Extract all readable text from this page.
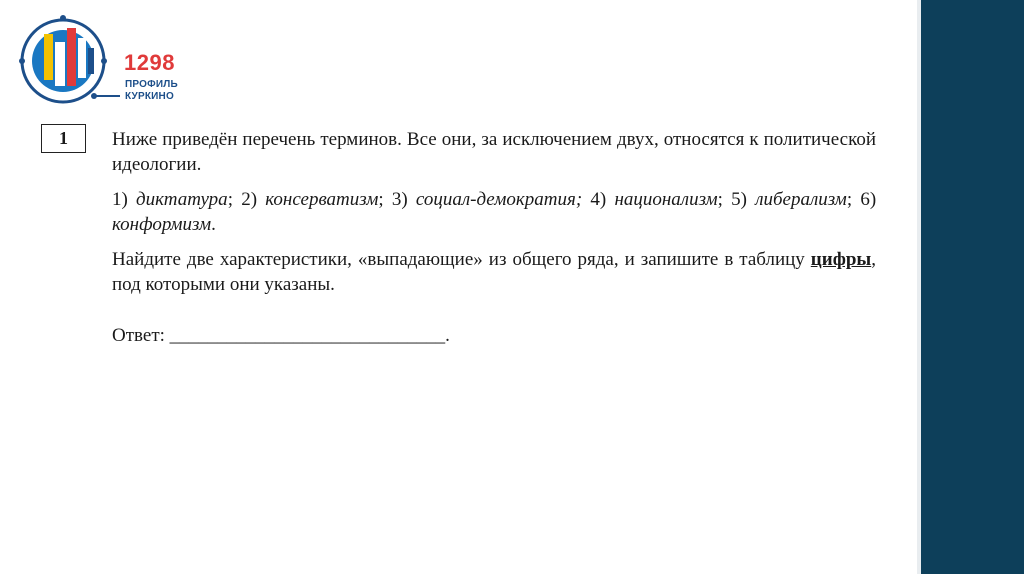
1298
ПРОФИЛЬ
КУРКИНО
1	Ниже приведён перечень терминов. Все они, за исключением двух, относятся к политической идеологии.

1) диктатура; 2) консерватизм; 3) социал-демократия; 4) национализм; 5) либерализм; 6) конформизм.

Найдите две характеристики, «выпадающие» из общего ряда, и запишите в таблицу цифры, под которыми они указаны.

Ответ: _____________________________.
